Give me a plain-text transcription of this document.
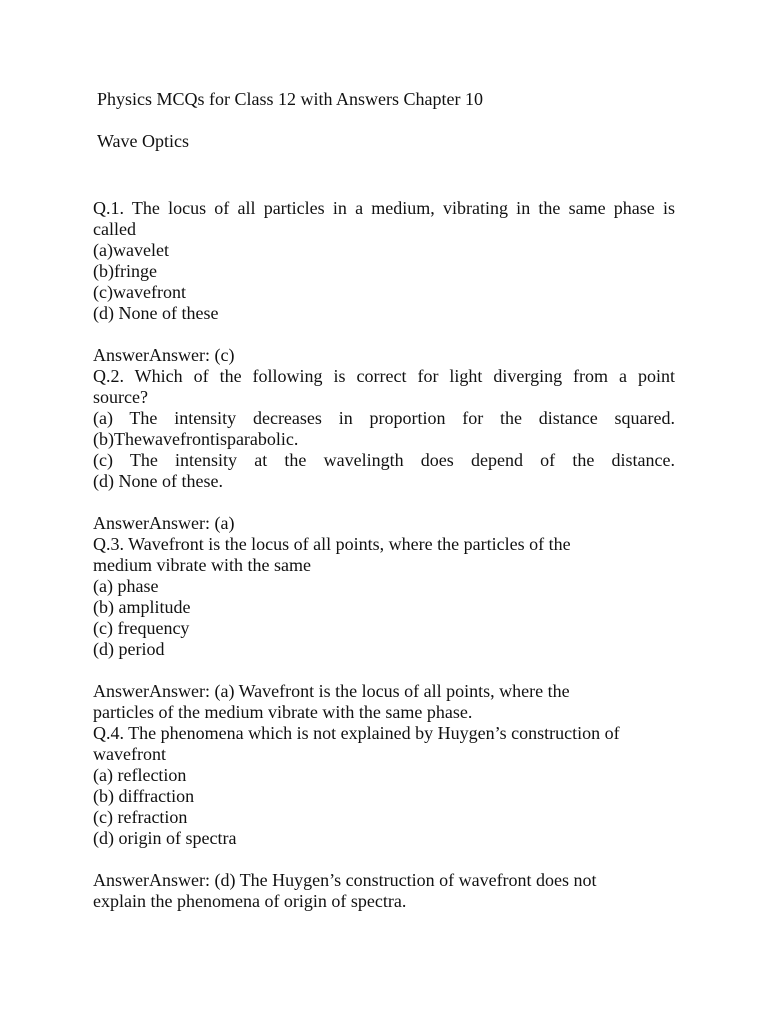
Physics MCQs for Class 12 with Answers Chapter 10
Wave Optics
Q.1. The locus of all particles in a medium, vibrating in the same phase is
called
(a)wavelet
(b)fringe
(c)wavefront
(d) None of these
AnswerAnswer: (c)
Q.2. Which of the following is correct for light diverging from a point
source?
(a) The intensity decreases in proportion for the distance squared.
(b)Thewavefrontisparabolic.
(c) The intensity at the wavelingth does depend of the distance.
(d) None of these.
AnswerAnswer: (a)
Q.3. Wavefront is the locus of all points, where the particles of the
medium vibrate with the same
(a) phase
(b) amplitude
(c) frequency
(d) period
AnswerAnswer: (a) Wavefront is the locus of all points, where the
particles of the medium vibrate with the same phase.
Q.4. The phenomena which is not explained by Huygen’s construction of
wavefront
(a) reflection
(b) diffraction
(c) refraction
(d) origin of spectra
AnswerAnswer: (d) The Huygen’s construction of wavefront does not
explain the phenomena of origin of spectra.
